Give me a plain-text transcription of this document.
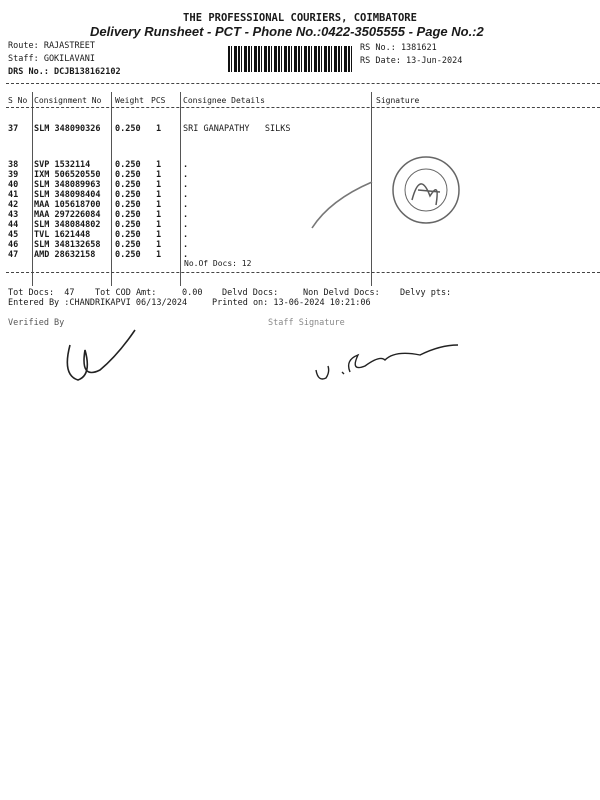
THE PROFESSIONAL COURIERS, COIMBATORE
Delivery Runsheet - PCT - Phone No.:0422-3505555 - Page No.:2
Route: RAJASTREET
Staff: GOKILAVANI
DRS No.: DCJB138162102
RS No.: 1381621
RS Date: 13-Jun-2024
S No Consignment No Weight PCS Consignee Details	Signature
37 SLM 348090326 0.250 1	SRI GANAPATHY   SILKS
38 SVP 1532114	0.250 1	.
39 IXM 506520550 0.250 1	.
40 SLM 348089963 0.250 1	.
41 SLM 348098404 0.250 1	.
42 MAA 105618700 0.250 1	.
43 MAA 297226084 0.250 1	.
44 SLM 348084802 0.250 1	.
45 TVL 1621448	0.250 1	.
46 SLM 348132658 0.250 1	.
47 AMD 28632158 0.250 1	.
No.Of Docs: 12
Tot Docs:  47 Tot COD Amt:     0.00 Delvd Docs:	Non Delvd Docs: Delvy pts:
Entered By :CHANDRIKAPVI 06/13/2024	Printed on: 13-06-2024 10:21:06
Verified By	Staff Signature
